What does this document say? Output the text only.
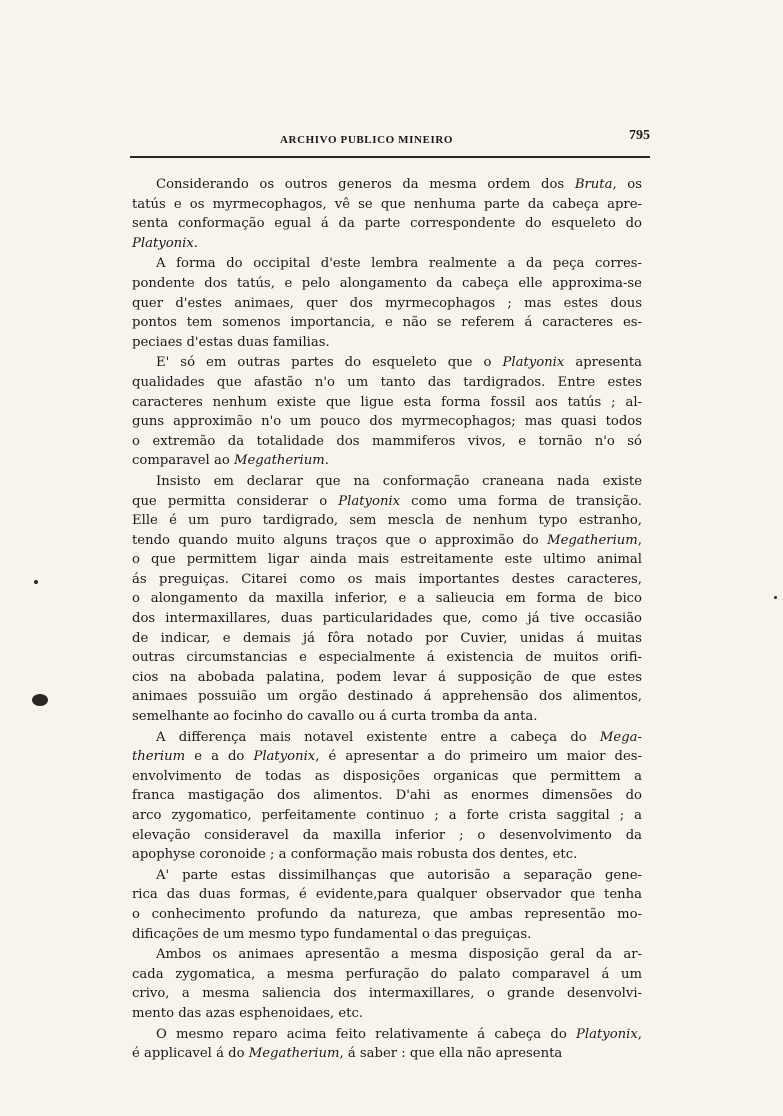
ARCHIVO PUBLICO MINEIRO	795

Considerando os outros generos da mesma ordem dos Bruta, os
tatús e os myrmecophagos, vê se que nenhuma parte da cabeça apre-
senta conformação egual á da parte correspondente do esqueleto do
Platyonix.

A forma do occipital d'este lembra realmente a da peça corres-
pondente dos tatús, e pelo alongamento da cabeça elle approxima-se
quer d'estes animaes, quer dos myrmecophagos ; mas estes dous
pontos tem somenos importancia, e não se referem á caracteres es-
peciaes d'estas duas familias.

E' só em outras partes do esqueleto que o Platyonix apresenta
qualidades que afastão n'o um tanto das tardigrados. Entre estes
caracteres nenhum existe que ligue esta forma fossil aos tatús ; al-
guns approximão n'o um pouco dos myrmecophagos; mas quasi todos
o extremão da totalidade dos mammiferos vivos, e tornão n'o só
comparavel ao Megatherium.

Insisto em declarar que na conformação craneana nada existe
que permitta considerar o Platyonix como uma forma de transição.
Elle é um puro tardigrado, sem mescla de nenhum typo estranho,
tendo quando muito alguns traços que o approximão do Megatherium,
o que permittem ligar ainda mais estreitamente este ultimo animal
ás preguiças. Citarei como os mais importantes destes caracteres,
o alongamento da maxilla inferior, e a salieucia em forma de bico
dos intermaxillares, duas particularidades que, como já tive occasião
de indicar, e demais já fôra notado por Cuvier, unidas á muitas
outras circumstancias e especialmente á existencia de muitos orifi-
cios na abobada palatina, podem levar á supposição de que estes
animaes possuião um orgão destinado á apprehensão dos alimentos,
semelhante ao focinho do cavallo ou á curta tromba da anta.

A differença mais notavel existente entre a cabeça do Mega-
therium e a do Platyonix, é apresentar a do primeiro um maior des-
envolvimento de todas as disposições organicas que permittem a
franca mastigação dos alimentos. D'ahi as enormes dimensões do
arco zygomatico, perfeitamente continuo ; a forte crista saggital ; a
elevação consideravel da maxilla inferior ; o desenvolvimento da
apophyse coronoide ; a conformação mais robusta dos dentes, etc.

A' parte estas dissimilhanças que autorisão a separação gene-
rica das duas formas, é evidente,para qualquer observador que tenha
o conhecimento profundo da natureza, que ambas representão mo-
dificações de um mesmo typo fundamental o das preguiças.

Ambos os animaes apresentão a mesma disposição geral da ar-
cada zygomatica, a mesma perfuração do palato comparavel á um
crivo, a mesma saliencia dos intermaxillares, o grande desenvolvi-
mento das azas esphenoidaes, etc.

O mesmo reparo acima feito relativamente á cabeça do Platyonix,
é applicavel á do Megatherium, á saber : que ella não apresenta
